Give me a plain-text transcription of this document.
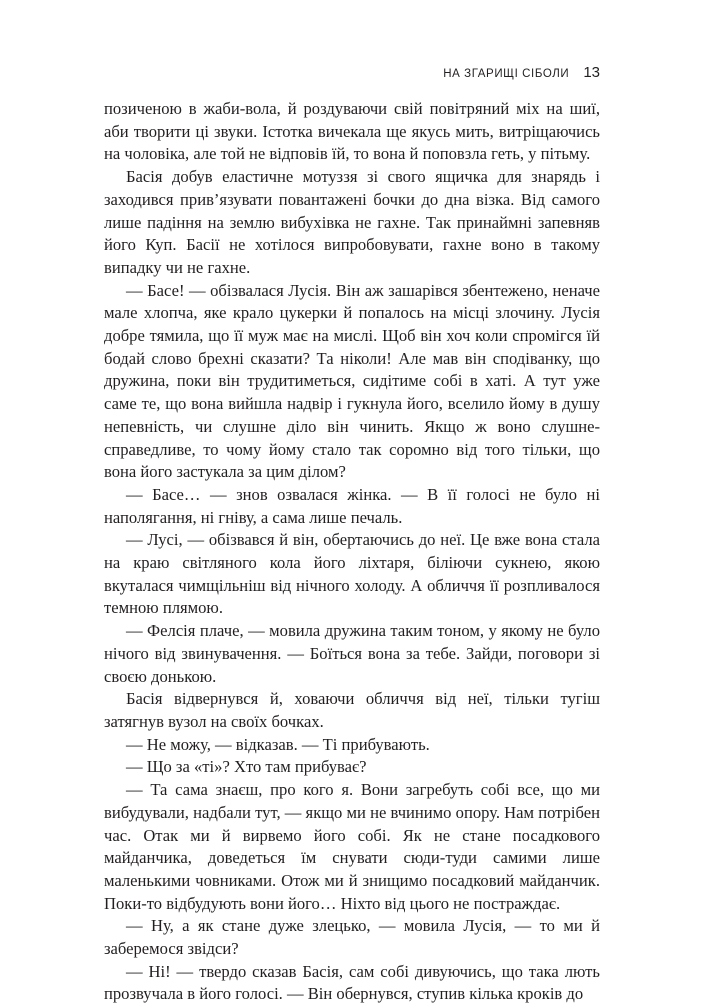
НА ЗГАРИЩІ СІБОЛИ 13

позиченою в жаби-вола, й роздуваючи свій повітряний міх на шиї, аби творити ці звуки. Істотка вичекала ще якусь мить, витріщаючись на чоловіка, але той не відповів їй, то вона й поповзла геть, у пітьму.

Басія добув еластичне мотуззя зі свого ящичка для знарядь і заходився прив’язувати повантажені бочки до дна візка. Від самого лише падіння на землю вибухівка не гахне. Так принаймні запевняв його Куп. Басії не хотілося випробовувати, гахне воно в такому випадку чи не гахне.

— Басе! — обізвалася Лусія. Він аж зашарівся збентежено, неначе мале хлопча, яке крало цукерки й попалось на місці злочину. Лусія добре тямила, що її муж має на мислі. Щоб він хоч коли спромігся їй бодай слово брехні сказати? Та ніколи! Але мав він сподіванку, що дружина, поки він трудитиметься, сидітиме собі в хаті. А тут уже саме те, що вона вийшла надвір і гукнула його, вселило йому в душу непевність, чи слушне діло він чинить. Якщо ж воно слушне-справедливе, то чому йому стало так соромно від того тільки, що вона його застукала за цим ділом?

— Басе… — знов озвалася жінка. — В її голосі не було ні наполягання, ні гніву, а сама лише печаль.

— Лусі, — обізвався й він, обертаючись до неї. Це вже вона стала на краю світляного кола його ліхтаря, біліючи сукнею, якою вкуталася чимщільніш від нічного холоду. А обличчя її розпливалося темною плямою.

— Фелсія плаче, — мовила дружина таким тоном, у якому не було нічого від звинувачення. — Боїться вона за тебе. Зайди, поговори зі своєю донькою.

Басія відвернувся й, ховаючи обличчя від неї, тільки тугіш затягнув вузол на своїх бочках.

— Не можу, — відказав. — Ті прибувають.

— Що за «ті»? Хто там прибуває?

— Та сама знаєш, про кого я. Вони загребуть собі все, що ми вибудували, надбали тут, — якщо ми не вчинимо опору. Нам потрібен час. Отак ми й вирвемо його собі. Як не стане посадкового майданчика, доведеться їм снувати сюди-туди самими лише маленькими човниками. Отож ми й знищимо посадковий майданчик. Поки-то відбудують вони його… Ніхто від цього не постраждає.

— Ну, а як стане дуже злецько, — мовила Лусія, — то ми й заберемося звідси?

— Ні! — твердо сказав Басія, сам собі дивуючись, що така лють прозвучала в його голосі. — Він обернувся, ступив кілька кроків до
